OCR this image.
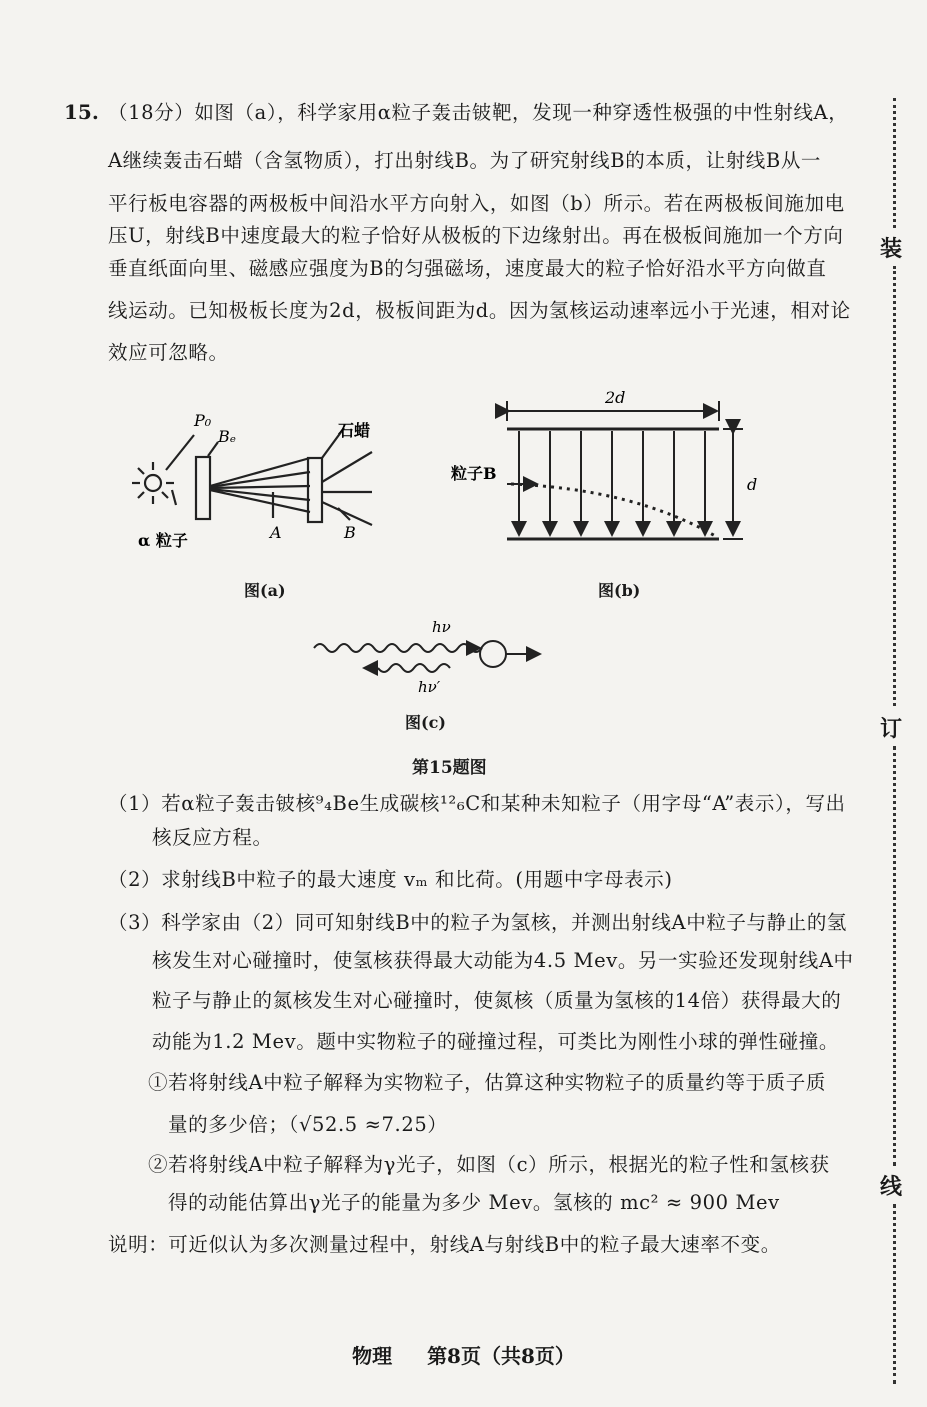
15. （18分）如图（a），科学家用α粒子轰击铍靶，发现一种穿透性极强的中性射线A，
A继续轰击石蜡（含氢物质），打出射线B。为了研究射线B的本质，让射线B从一
平行板电容器的两极板中间沿水平方向射入，如图（b）所示。若在两极板间施加电
压U，射线B中速度最大的粒子恰好从极板的下边缘射出。再在极板间施加一个方向
垂直纸面向里、磁感应强度为B的匀强磁场，速度最大的粒子恰好沿水平方向做直
线运动。已知极板长度为2d，极板间距为d。因为氢核运动速率远小于光速，相对论
效应可忽略。
P₀
Bₑ	石蜡
A	B
α 粒子
图(a)
2d
d
粒子B
图(b)
hν
hν′
图(c)
第15题图
（1）若α粒子轰击铍核⁹₄Be生成碳核¹²₆C和某种未知粒子（用字母“A”表示），写出
核反应方程。
（2）求射线B中粒子的最大速度 vₘ 和比荷。(用题中字母表示)
（3）科学家由（2）同可知射线B中的粒子为氢核，并测出射线A中粒子与静止的氢
核发生对心碰撞时，使氢核获得最大动能为4.5 Mev。另一实验还发现射线A中
粒子与静止的氮核发生对心碰撞时，使氮核（质量为氢核的14倍）获得最大的
动能为1.2 Mev。题中实物粒子的碰撞过程，可类比为刚性小球的弹性碰撞。
①若将射线A中粒子解释为实物粒子，估算这种实物粒子的质量约等于质子质
量的多少倍；（√52.5 ≈7.25）
②若将射线A中粒子解释为γ光子，如图（c）所示，根据光的粒子性和氢核获
得的动能估算出γ光子的能量为多少 Mev。氢核的 mc² ≈ 900 Mev
说明：可近似认为多次测量过程中，射线A与射线B中的粒子最大速率不变。
装
订
线
物理 第8页（共8页）
